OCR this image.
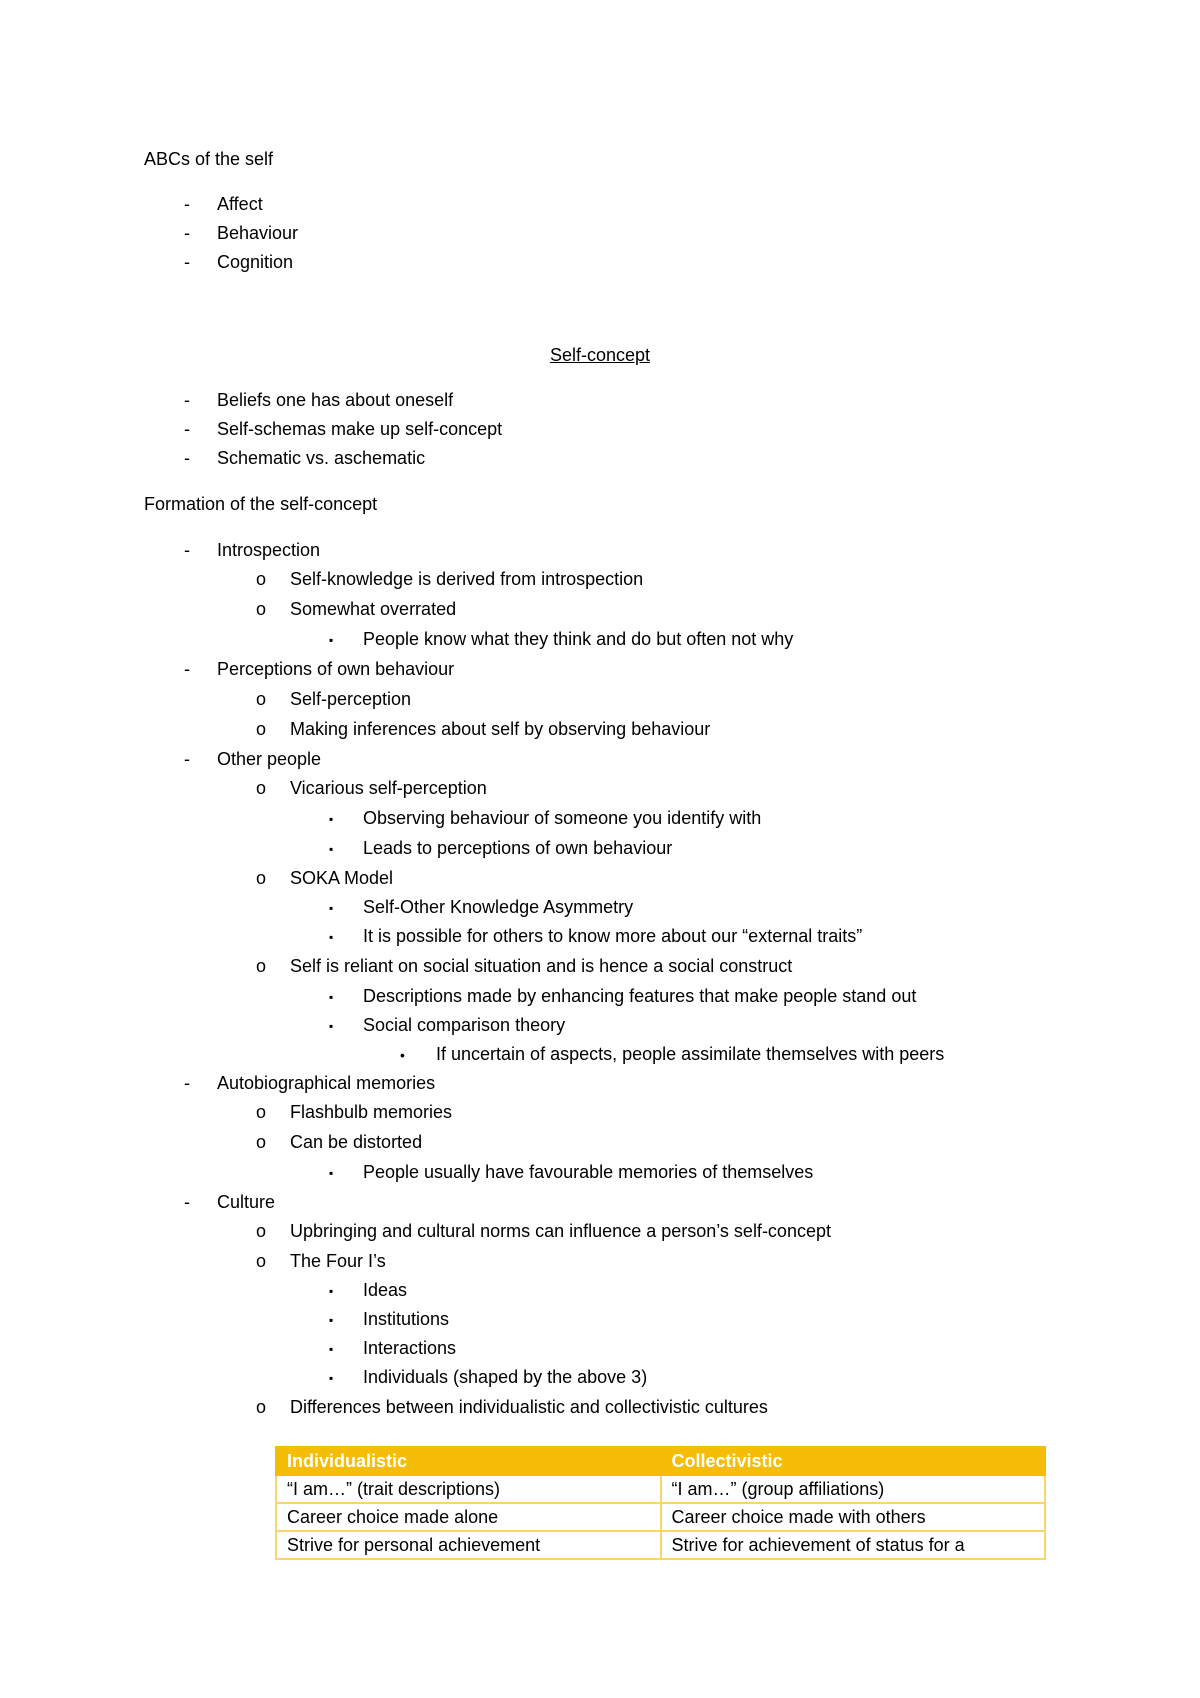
ABCs of the self
- Affect
- Behaviour
- Cognition
Self-concept
- Beliefs one has about oneself
- Self-schemas make up self-concept
- Schematic vs. aschematic
Formation of the self-concept
- Introspection
o Self-knowledge is derived from introspection
o Somewhat overrated
▪ People know what they think and do but often not why
- Perceptions of own behaviour
o Self-perception
o Making inferences about self by observing behaviour
- Other people
o Vicarious self-perception
▪ Observing behaviour of someone you identify with
▪ Leads to perceptions of own behaviour
o SOKA Model
▪ Self-Other Knowledge Asymmetry
▪ It is possible for others to know more about our “external traits”
o Self is reliant on social situation and is hence a social construct
▪ Descriptions made by enhancing features that make people stand out
▪ Social comparison theory
• If uncertain of aspects, people assimilate themselves with peers
- Autobiographical memories
o Flashbulb memories
o Can be distorted
▪ People usually have favourable memories of themselves
- Culture
o Upbringing and cultural norms can influence a person’s self-concept
o The Four I’s
▪ Ideas
▪ Institutions
▪ Interactions
▪ Individuals (shaped by the above 3)
o Differences between individualistic and collectivistic cultures
Individualistic	Collectivistic
“I am…” (trait descriptions)	“I am…” (group affiliations)
Career choice made alone	Career choice made with others
Strive for personal achievement	Strive for achievement of status for a
